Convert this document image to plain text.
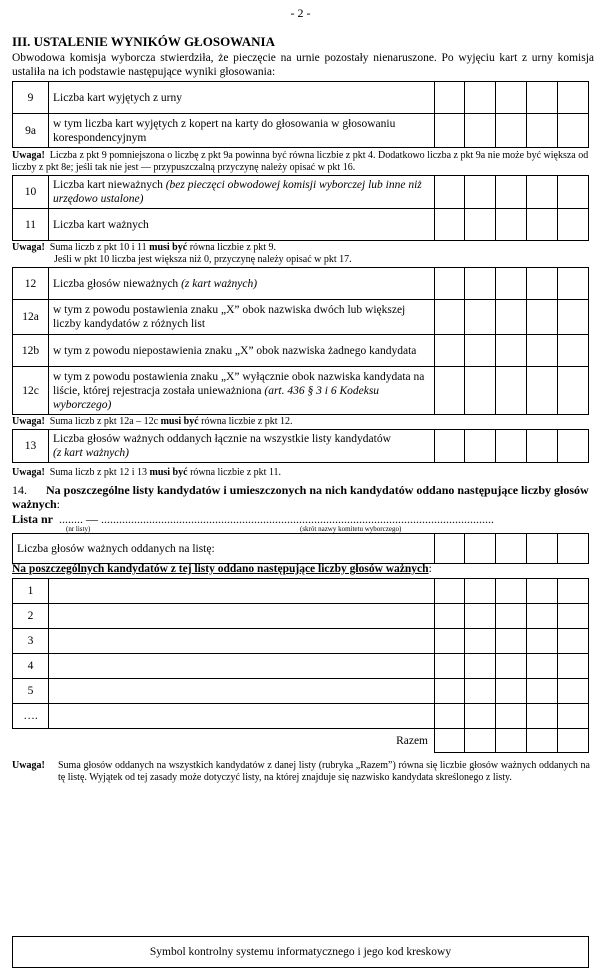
- 2 -
III. USTALENIE WYNIKÓW GŁOSOWANIA
Obwodowa komisja wyborcza stwierdziła, że pieczęcie na urnie pozostały nienaruszone. Po wyjęciu kart z urny komisja ustaliła na ich podstawie następujące wyniki głosowania:
9	Liczba kart wyjętych z urny					
9a	w tym liczba kart wyjętych z kopert na karty do głosowania w głosowaniu korespondencyjnym					
Uwaga! Liczba z pkt 9 pomniejszona o liczbę z pkt 9a powinna być równa liczbie z pkt 4. Dodatkowo liczba z pkt 9a nie może być większa od liczby z pkt 8e; jeśli tak nie jest — przypuszczalną przyczynę należy opisać w pkt 16.
10	Liczba kart nieważnych (bez pieczęci obwodowej komisji wyborczej lub inne niż urzędowo ustalone)					
11	Liczba kart ważnych					
Uwaga! Suma liczb z pkt 10 i 11 musi być równa liczbie z pkt 9.
Jeśli w pkt 10 liczba jest większa niż 0, przyczynę należy opisać w pkt 17.
12	Liczba głosów nieważnych (z kart ważnych)					
12a	w tym z powodu postawienia znaku „X” obok nazwiska dwóch lub większej liczby kandydatów z różnych list					
12b	w tym z powodu niepostawienia znaku „X” obok nazwiska żadnego kandydata					
12c	w tym z powodu postawienia znaku „X” wyłącznie obok nazwiska kandydata na liście, której rejestracja została unieważniona (art. 436 § 3 i 6 Kodeksu wyborczego)					
Uwaga! Suma liczb z pkt 12a – 12c musi być równa liczbie z pkt 12.
13	Liczba głosów ważnych oddanych łącznie na wszystkie listy kandydatów
(z kart ważnych)					
Uwaga! Suma liczb z pkt 12 i 13 musi być równa liczbie z pkt 11.
14. Na poszczególne listy kandydatów i umieszczonych na nich kandydatów oddano następujące liczby głosów ważnych:
Lista nr ........ — ...................................................................................................................................
(nr listy)	(skrót nazwy komitetu wyborczego)
Liczba głosów ważnych oddanych na listę:					
Na poszczególnych kandydatów z tej listy oddano następujące liczby głosów ważnych:
1						
2						
3						
4						
5						
….						
Razem						
Uwaga!	Suma głosów oddanych na wszystkich kandydatów z danej listy (rubryka „Razem”) równa się liczbie głosów ważnych oddanych na tę listę. Wyjątek od tej zasady może dotyczyć listy, na której znajduje się nazwisko kandydata skreślonego z listy.
Symbol kontrolny systemu informatycznego i jego kod kreskowy
